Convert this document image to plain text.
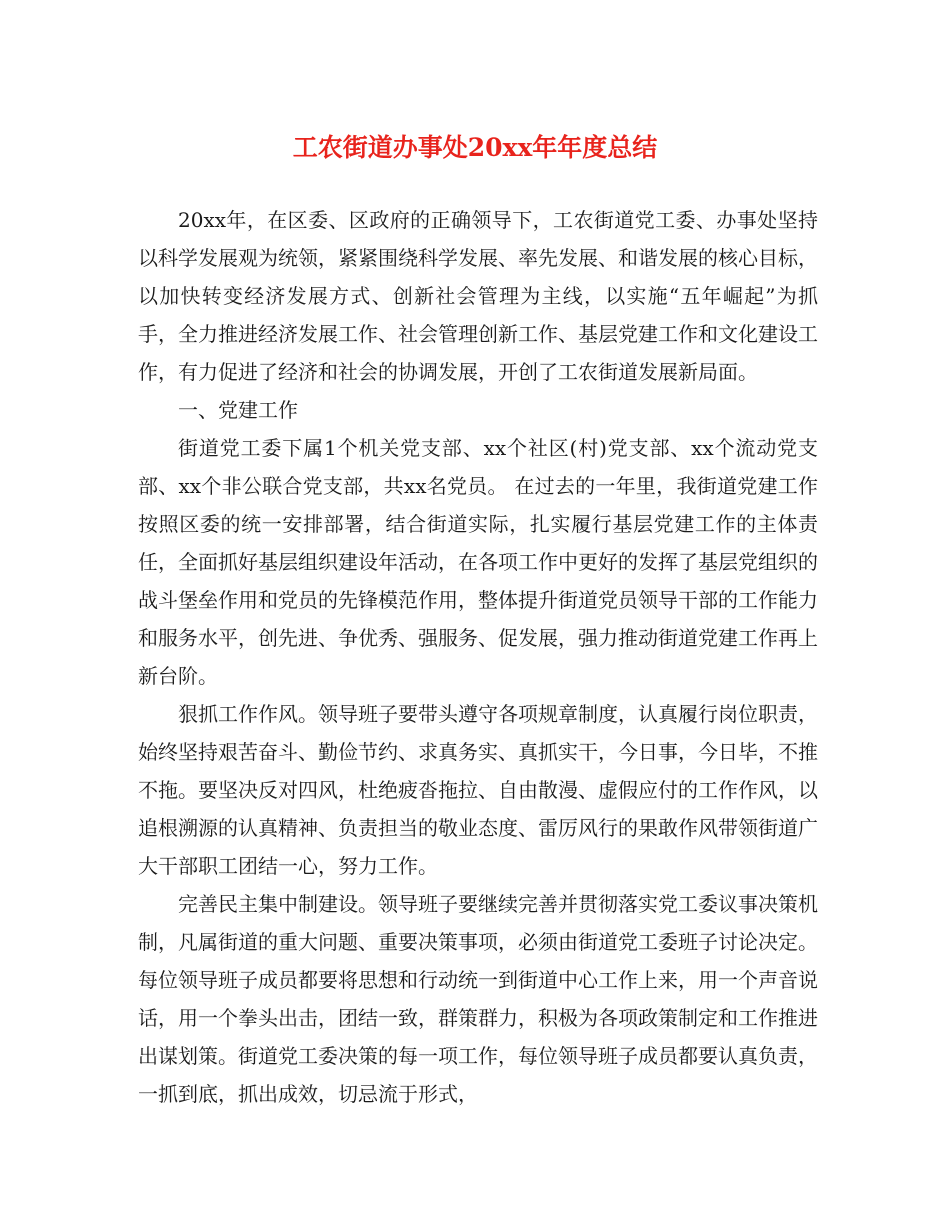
工农街道办事处20xx年年度总结

20xx年，在区委、区政府的正确领导下，工农街道党工委、办事处坚持以科学发展观为统领，紧紧围绕科学发展、率先发展、和谐发展的核心目标，以加快转变经济发展方式、创新社会管理为主线，以实施“五年崛起”为抓手，全力推进经济发展工作、社会管理创新工作、基层党建工作和文化建设工作，有力促进了经济和社会的协调发展，开创了工农街道发展新局面。

一、党建工作

街道党工委下属1个机关党支部、xx个社区(村)党支部、xx个流动党支部、xx个非公联合党支部，共xx名党员。 在过去的一年里，我街道党建工作按照区委的统一安排部署，结合街道实际，扎实履行基层党建工作的主体责任，全面抓好基层组织建设年活动，在各项工作中更好的发挥了基层党组织的战斗堡垒作用和党员的先锋模范作用，整体提升街道党员领导干部的工作能力和服务水平，创先进、争优秀、强服务、促发展，强力推动街道党建工作再上新台阶。

狠抓工作作风。领导班子要带头遵守各项规章制度，认真履行岗位职责，始终坚持艰苦奋斗、勤俭节约、求真务实、真抓实干，今日事，今日毕，不推不拖。要坚决反对四风，杜绝疲沓拖拉、自由散漫、虚假应付的工作作风，以追根溯源的认真精神、负责担当的敬业态度、雷厉风行的果敢作风带领街道广大干部职工团结一心，努力工作。

完善民主集中制建设。领导班子要继续完善并贯彻落实党工委议事决策机制，凡属街道的重大问题、重要决策事项，必须由街道党工委班子讨论决定。每位领导班子成员都要将思想和行动统一到街道中心工作上来，用一个声音说话，用一个拳头出击，团结一致，群策群力，积极为各项政策制定和工作推进出谋划策。街道党工委决策的每一项工作，每位领导班子成员都要认真负责，一抓到底，抓出成效，切忌流于形式，
